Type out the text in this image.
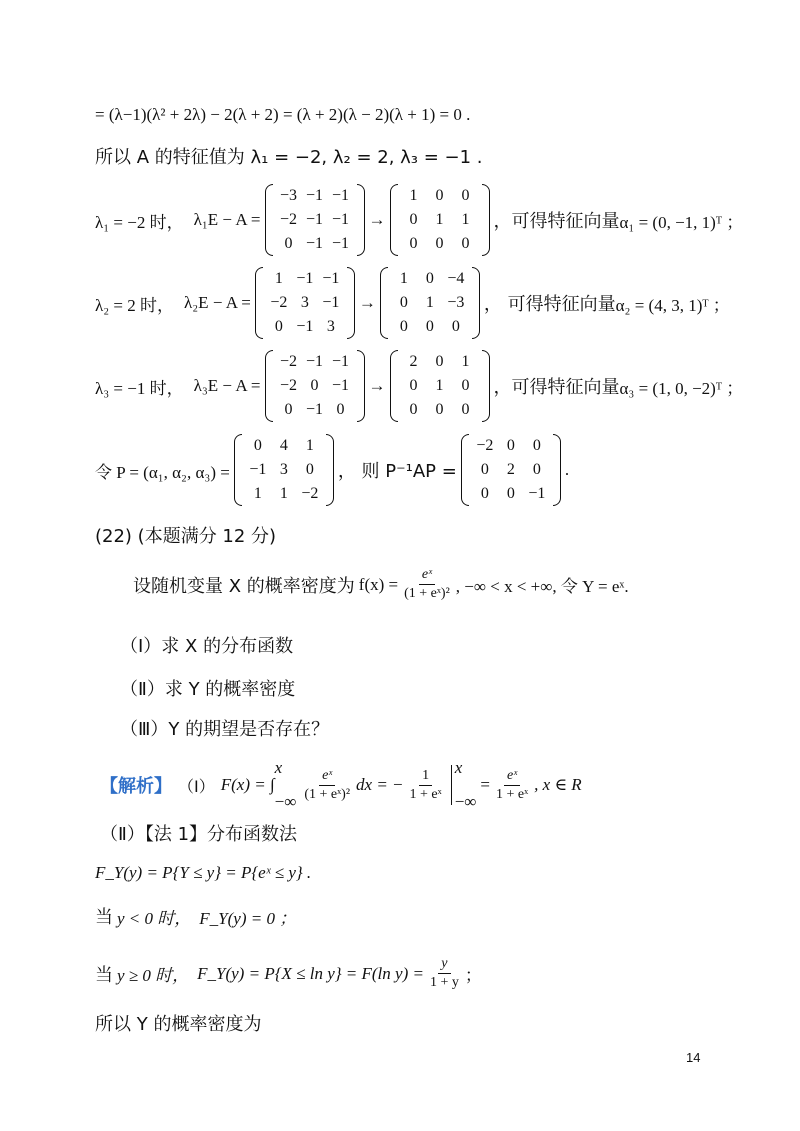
= (λ−1)(λ² + 2λ) − 2(λ + 2) = (λ + 2)(λ − 2)(λ + 1) = 0 .
所以 A 的特征值为 λ₁ = −2, λ₂ = 2, λ₃ = −1 .
λ₁ = −2 时， λ₁E − A =
−3 −1 −1
−2 −1 −1
0 −1 −1
→
1	0	0
0	1	1
0	0	0
，可得特征向量 α₁ = (0, −1, 1)ᵀ ；
λ₂ = 2 时， λ₂E − A =
1 −1 −1
−2 3 −1
0 −1 3
→
1	0 −4
0	1 −3
0	0	0
， 可得特征向量 α₂ = (4, 3, 1)ᵀ ；
λ₃ = −1 时， λ₃E − A =
−2 −1 −1
−2 0 −1
0 −1 0
→
2	0	1
0	1	0
0	0	0
，可得特征向量 α₃ = (1, 0, −2)ᵀ ；
令 P = (α₁, α₂, α₃) =
0	4	1
−1 3	0
1	1 −2
， 则 P⁻¹AP =
−2 0	0
0	2	0
0	0 −1
.
(22) (本题满分 12 分)
设随机变量 X 的概率密度为 $f(x) = \frac{\text{eˣ}}{\text{(1 + eˣ)²}}$ , −∞ < x < +∞, 令 Y = eˣ.
（Ⅰ）求 X 的分布函数
（Ⅱ）求 Y 的概率密度
（Ⅲ）Y 的期望是否存在？
【解析】 （Ⅰ） F(x) = ∫
x
−∞ $\frac{\text{eˣ}}{\text{(1 + eˣ)²}}$ dx = − $\frac{1}{\text{1 + eˣ}}$ x
−∞
= $\frac{\text{eˣ}}{\text{1 + eˣ}}$ , x ∈ R
（Ⅱ）【法 1】分布函数法
F_Y(y) = P{Y ≤ y} = P{eˣ ≤ y} .
当 y < 0 时， F_Y(y) = 0 ；
当 y ≥ 0 时， F_Y(y) = P{X ≤ ln y} = F(ln $y) = \frac{y}{1 + y}$ ；
所以 Y 的概率密度为
14
